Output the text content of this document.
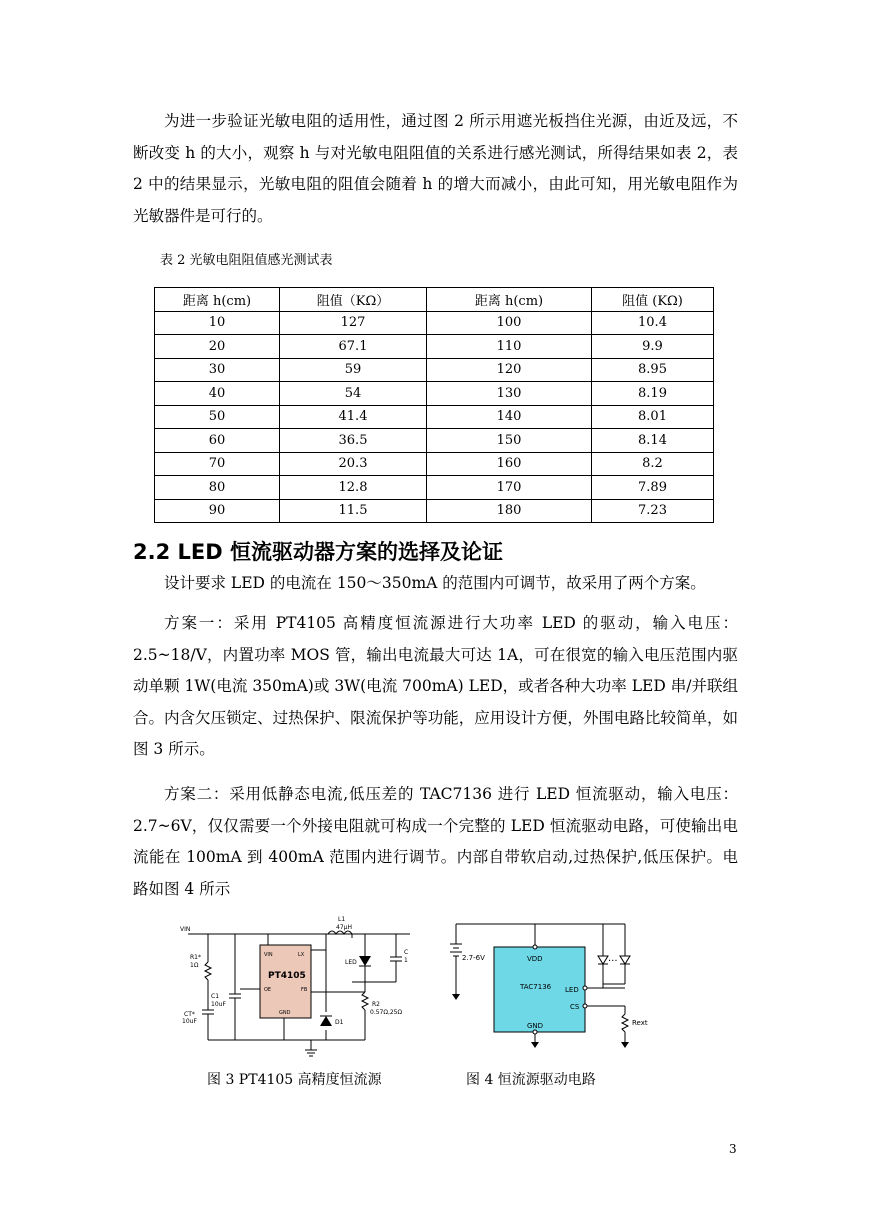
为进一步验证光敏电阻的适用性，通过图 2 所示用遮光板挡住光源，由近及远，不断改变 h 的大小，观察 h 与对光敏电阻阻值的关系进行感光测试，所得结果如表 2，表 2 中的结果显示，光敏电阻的阻值会随着 h 的增大而减小，由此可知，用光敏电阻作为光敏器件是可行的。
表 2 光敏电阻阻值感光测试表
距离 h(cm)	阻值（KΩ）	距离 h(cm)	阻值 (KΩ)
10	127	100	10.4
20	67.1	110	9.9
30	59	120	8.95
40	54	130	8.19
50	41.4	140	8.01
60	36.5	150	8.14
70	20.3	160	8.2
80	12.8	170	7.89
90	11.5	180	7.23
2.2 LED 恒流驱动器方案的选择及论证
设计要求 LED 的电流在 150～350mA 的范围内可调节，故采用了两个方案。
方案一：采用 PT4105 高精度恒流源进行大功率 LED 的驱动，输入电压：2.5~18/V，内置功率 MOS 管，输出电流最大可达 1A，可在很宽的输入电压范围内驱动单颗 1W(电流 350mA)或 3W(电流 700mA) LED，或者各种大功率 LED 串/并联组合。内含欠压锁定、过热保护、限流保护等功能，应用设计方便，外围电路比较简单，如图 3 所示。
方案二：采用低静态电流,低压差的 TAC7136 进行 LED 恒流驱动，输入电压：2.7~6V，仅仅需要一个外接电阻就可构成一个完整的 LED 恒流驱动电路，可使输出电流能在 100mA 到 400mA 范围内进行调节。内部自带软启动,过热保护,低压保护。电路如图 4 所示
VIN
R1*
1Ω
C1
10uF
CT*
10uF
VIN	LX
PT4105
OE	FB
GND
L1
47μH
LED
C
1
R2
0.57Ω,25Ω
D1
2.7-6V	VDD
TAC7136 LED
CS
GND	Rext
···
图 3 PT4105 高精度恒流源	图 4 恒流源驱动电路
3
